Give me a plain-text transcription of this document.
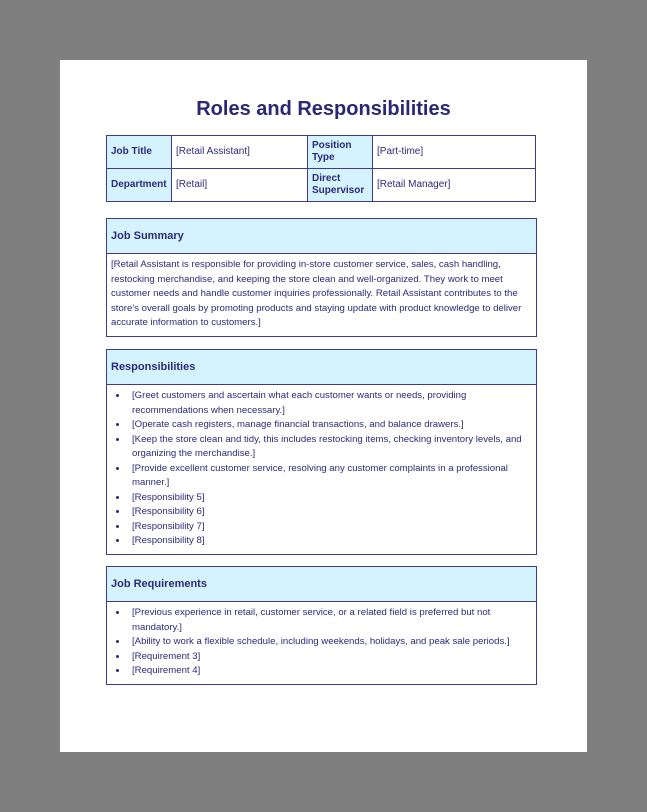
Roles and Responsibilities
Job Title	[Retail Assistant]	Position Type	[Part-time]
Department	[Retail]	Direct Supervisor	[Retail Manager]
Job Summary
[Retail Assistant is responsible for providing in-store customer service, sales, cash handling, restocking merchandise, and keeping the store clean and well-organized. They work to meet customer needs and handle customer inquiries professionally. Retail Assistant contributes to the store's overall goals by promoting products and staying update with product knowledge to deliver accurate information to customers.]
Responsibilities
• [Greet customers and ascertain what each customer wants or needs, providing recommendations when necessary.]
• [Operate cash registers, manage financial transactions, and balance drawers.]
• [Keep the store clean and tidy, this includes restocking items, checking inventory levels, and organizing the merchandise.]
• [Provide excellent customer service, resolving any customer complaints in a professional manner.]
• [Responsibility 5]
• [Responsibility 6]
• [Responsibility 7]
• [Responsibility 8]
Job Requirements
• [Previous experience in retail, customer service, or a related field is preferred but not mandatory.]
• [Ability to work a flexible schedule, including weekends, holidays, and peak sale periods.]
• [Requirement 3]
• [Requirement 4]
